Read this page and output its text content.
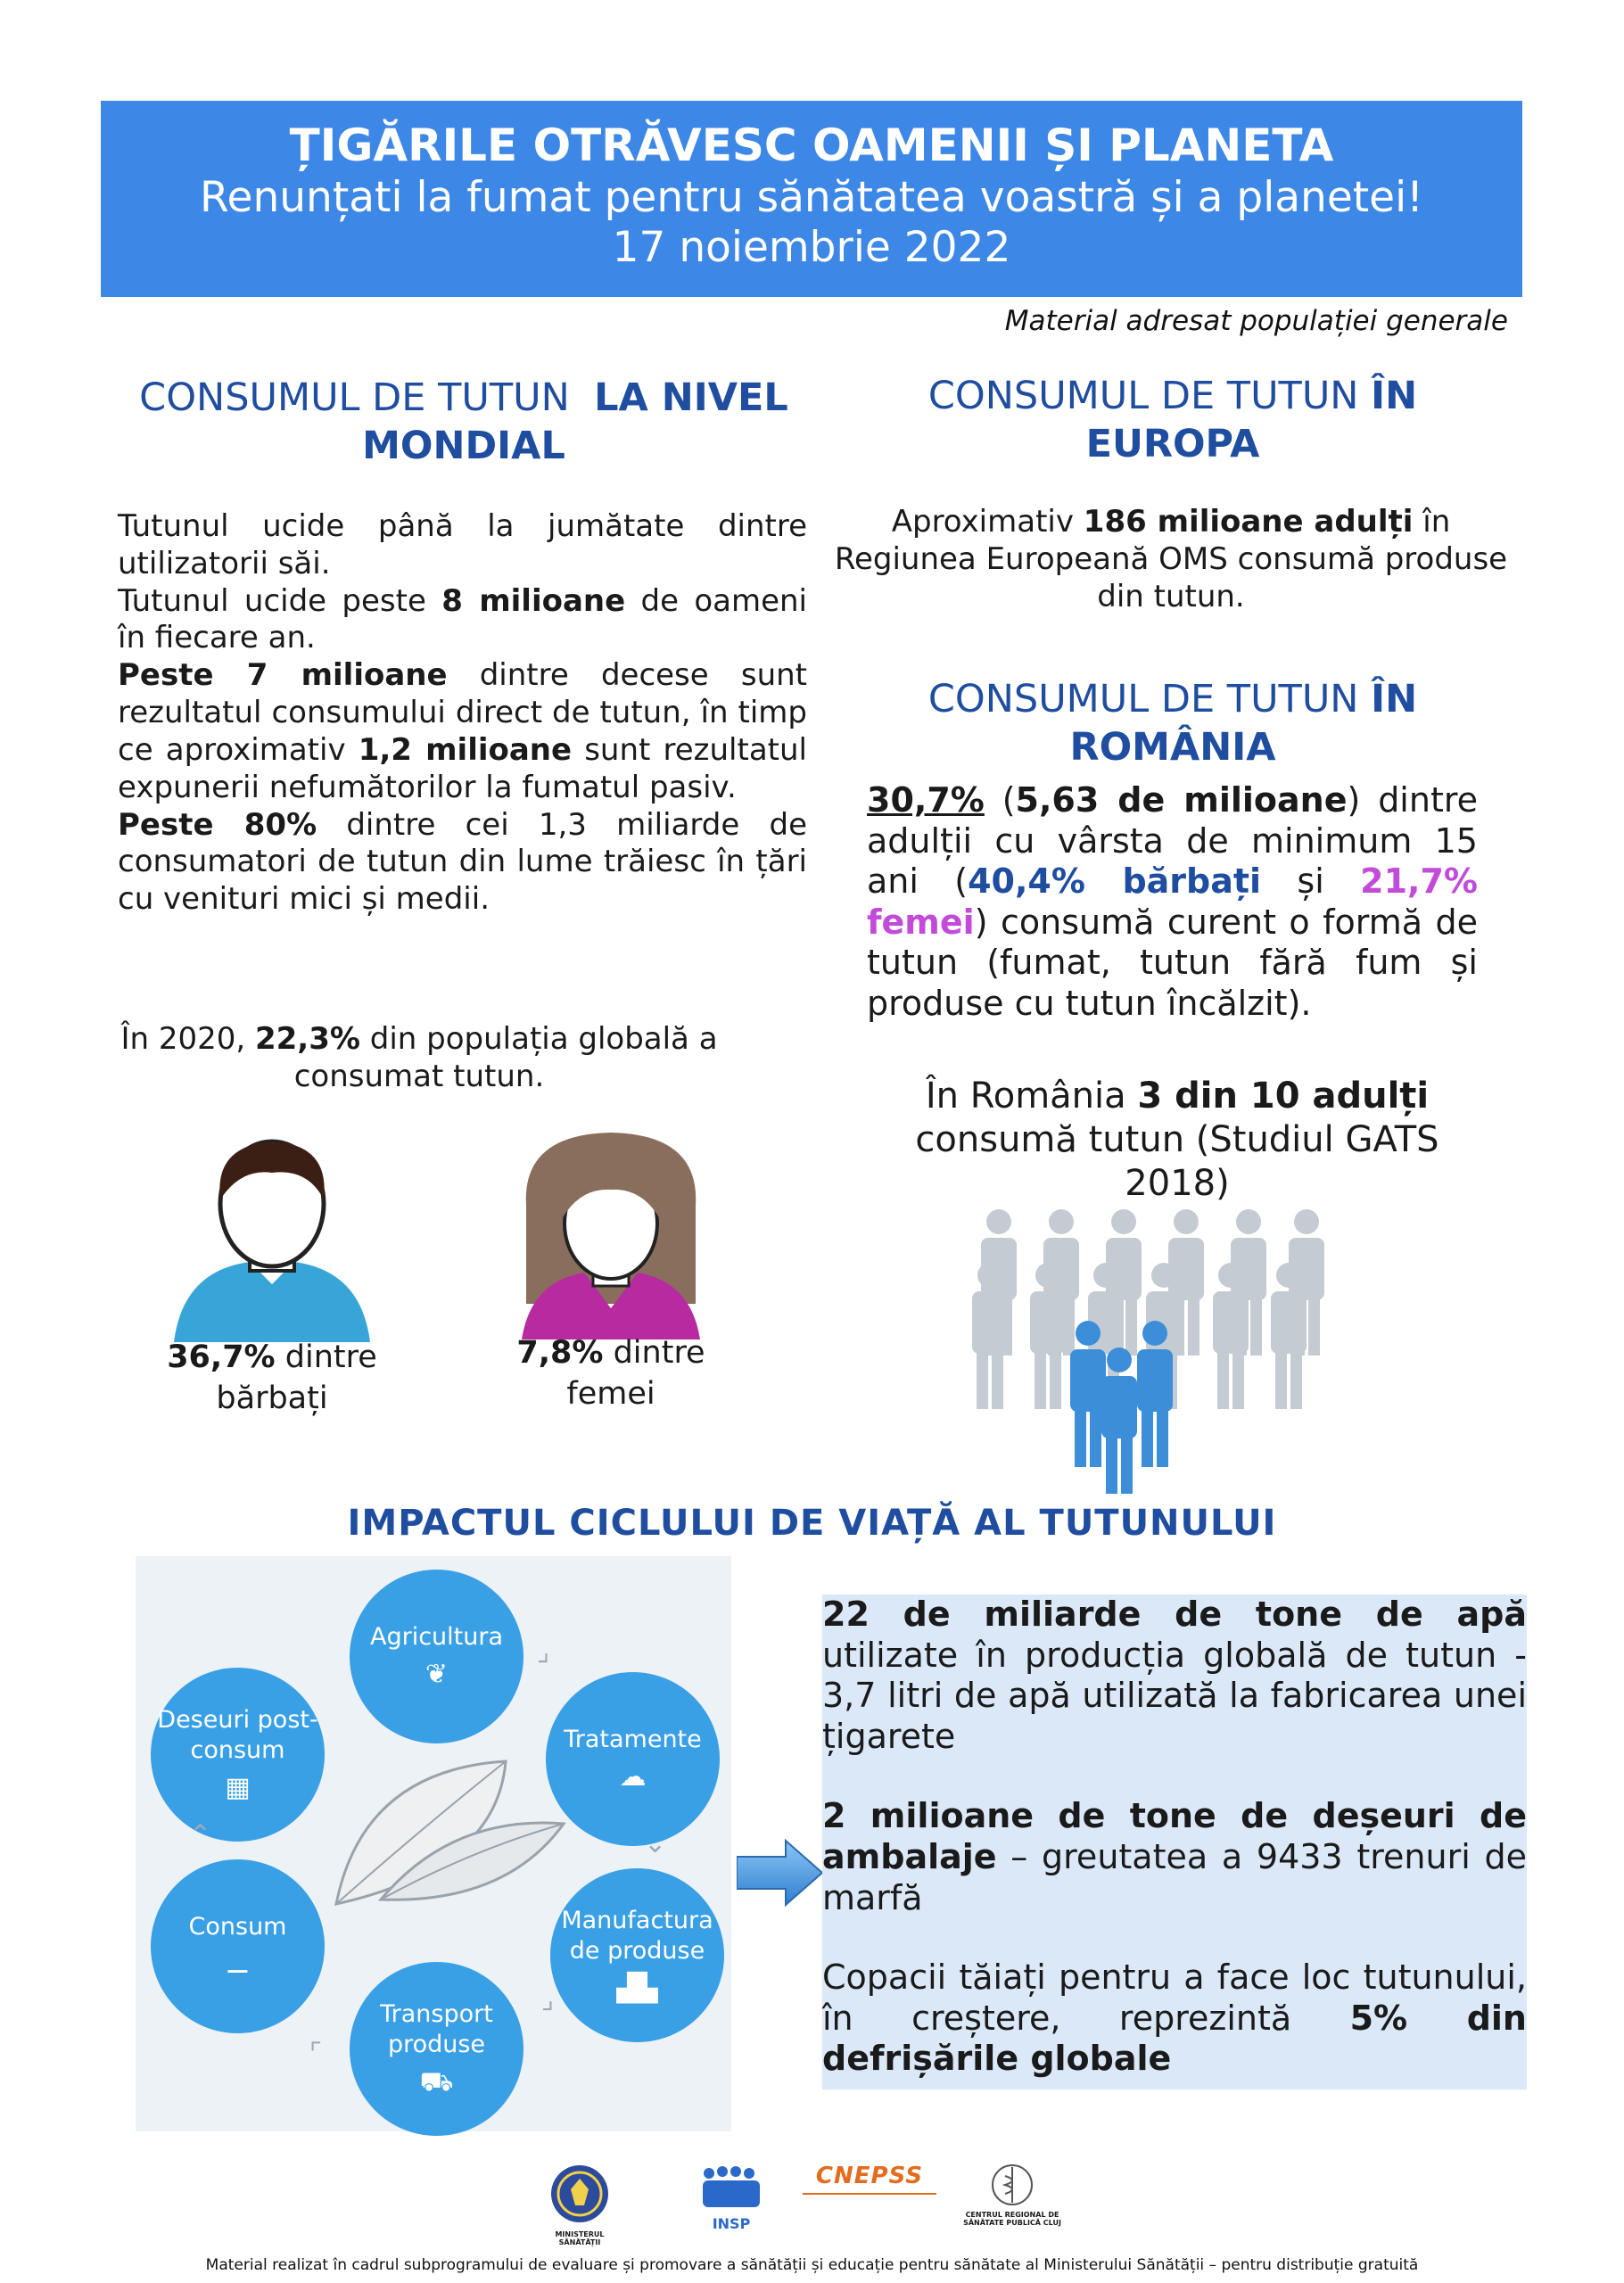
ȚIGĂRILE OTRĂVESC OAMENII ȘI PLANETA
Renunțati la fumat pentru sănătatea voastră și a planetei!
17 noiembrie 2022
Material adresat populației generale
CONSUMUL DE TUTUN LA NIVEL
MONDIAL

Tutunul ucide până la jumătate dintre utilizatorii săi.

Tutunul ucide peste 8 milioane de oameni în fiecare an.

Peste 7 milioane dintre decese sunt rezultatul consumului direct de tutun, în timp ce aproximativ 1,2 milioane sunt rezultatul expunerii nefumătorilor la fumatul pasiv.

Peste 80% dintre cei 1,3 miliarde de consumatori de tutun din lume trăiesc în țări cu venituri mici și medii.

În 2020, 22,3% din populația globală a consumat tutun.
36,7% dintre
bărbați
7,8% dintre
femei
CONSUMUL DE TUTUN ÎN
EUROPA
Aproximativ 186 milioane adulți în Regiunea Europeană OMS consumă produse din tutun.
CONSUMUL DE TUTUN ÎN
ROMÂNIA
30,7% (5,63 de milioane) dintre adulții cu vârsta de minimum 15 ani (40,4% bărbați și 21,7% femei) consumă curent o formă de tutun (fumat, tutun fără fum și produse cu tutun încălzit).
În România 3 din 10 adulți consumă tutun (Studiul GATS 2018)
IMPACTUL CICLULUI DE VIAȚĂ AL TUTUNULUI
Agricultura
❦
Tratamente
☁
Manufactura de produse
▟▙
Transport produse
⛟
Consum
⚊
Deseuri post-consum
▦
⌟
⌄
⌟
⌜
⌃

22 de miliarde de tone de apă utilizate în producția globală de tutun - 3,7 litri de apă utilizată la fabricarea unei țigarete

2 milioane de tone de deșeuri de ambalaje – greutatea a 9433 trenuri de marfă

Copacii tăiați pentru a face loc tutunului, în creștere, reprezintă 5% din defrișările globale

MINISTERUL SĂNĂTĂȚII
INSP
CNEPSS
CENTRUL REGIONAL DE SĂNĂTATE PUBLICĂ CLUJ
Material realizat în cadrul subprogramului de evaluare și promovare a sănătății și educație pentru sănătate al Ministerului Sănătății – pentru distribuție gratuită
